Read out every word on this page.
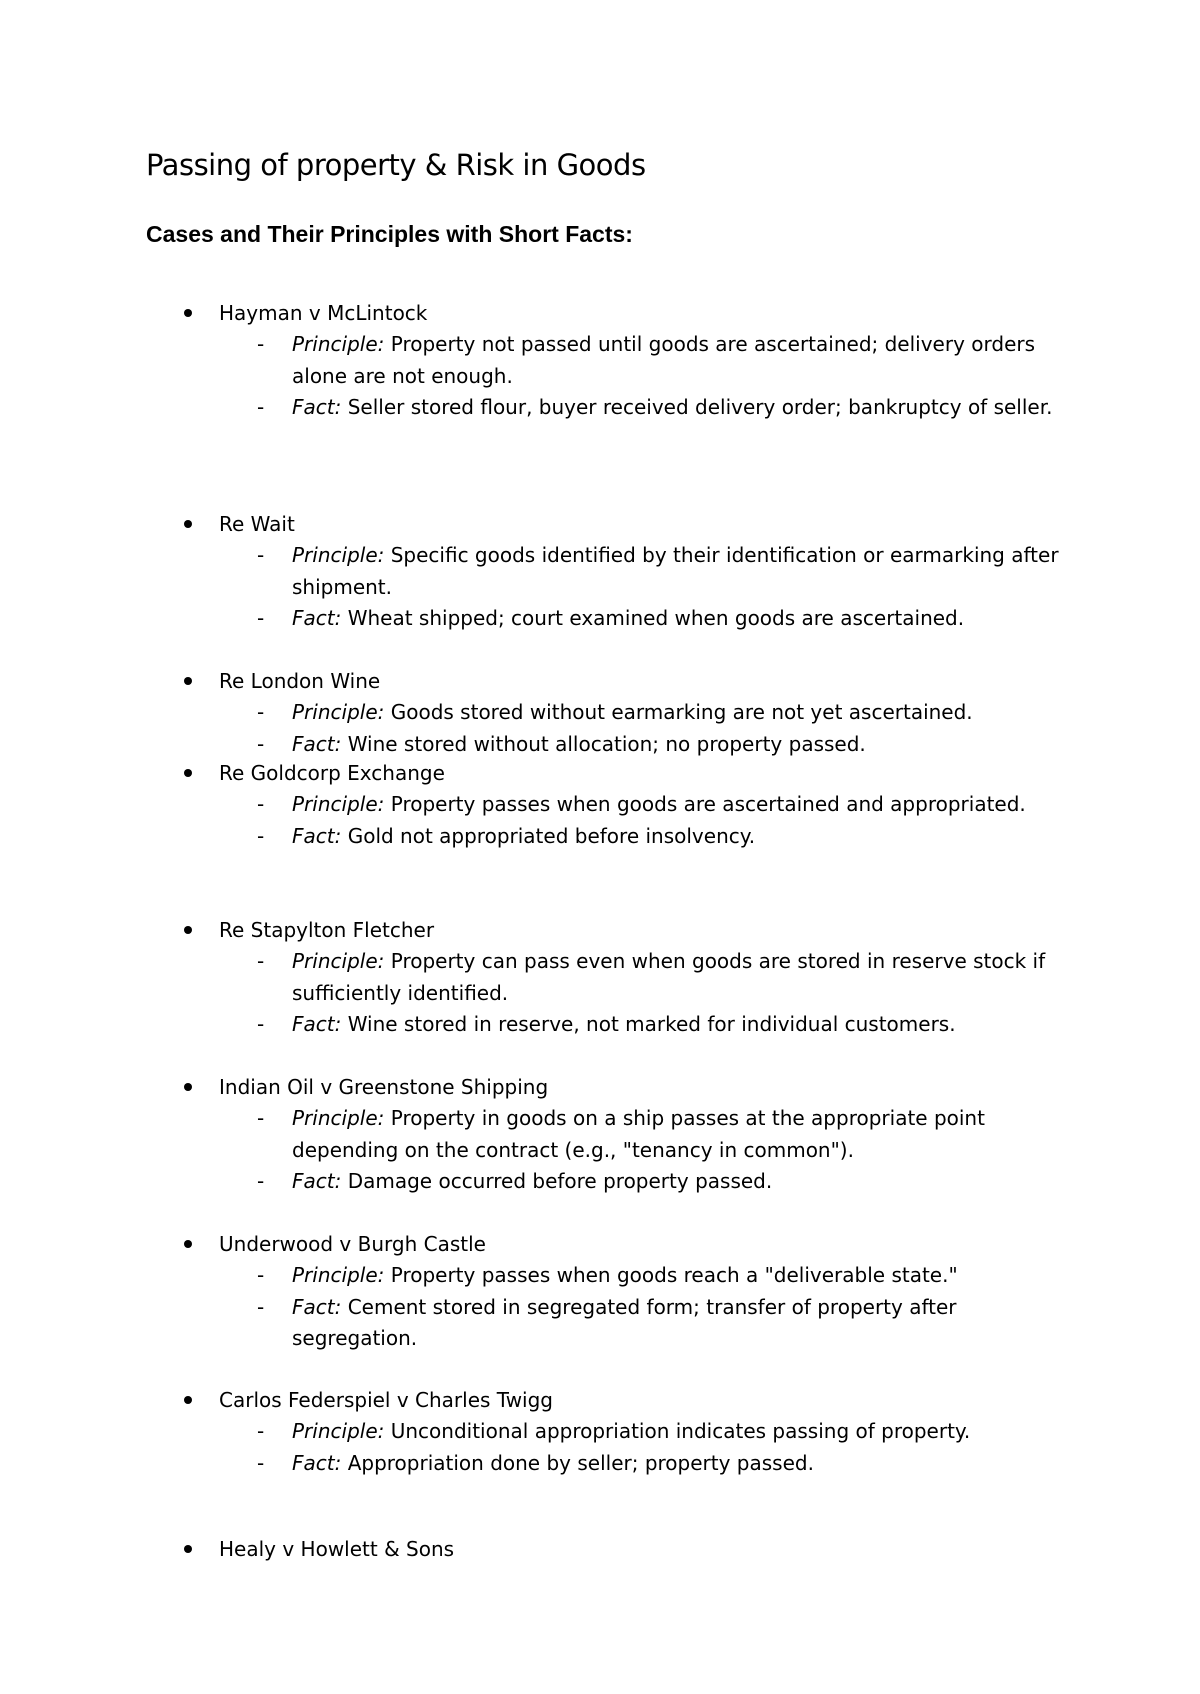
Passing of property & Risk in Goods
Cases and Their Principles with Short Facts:
Hayman v McLintock
- Principle: Property not passed until goods are ascertained; delivery orders alone are not enough.
- Fact: Seller stored flour, buyer received delivery order; bankruptcy of seller.
Re Wait
- Principle: Specific goods identified by their identification or earmarking after shipment.
- Fact: Wheat shipped; court examined when goods are ascertained.
Re London Wine
- Principle: Goods stored without earmarking are not yet ascertained.
- Fact: Wine stored without allocation; no property passed.
Re Goldcorp Exchange
- Principle: Property passes when goods are ascertained and appropriated.
- Fact: Gold not appropriated before insolvency.
Re Stapylton Fletcher
- Principle: Property can pass even when goods are stored in reserve stock if sufficiently identified.
- Fact: Wine stored in reserve, not marked for individual customers.
Indian Oil v Greenstone Shipping
- Principle: Property in goods on a ship passes at the appropriate point depending on the contract (e.g., "tenancy in common").
- Fact: Damage occurred before property passed.
Underwood v Burgh Castle
- Principle: Property passes when goods reach a "deliverable state."
- Fact: Cement stored in segregated form; transfer of property after segregation.
Carlos Federspiel v Charles Twigg
- Principle: Unconditional appropriation indicates passing of property.
- Fact: Appropriation done by seller; property passed.
Healy v Howlett & Sons
